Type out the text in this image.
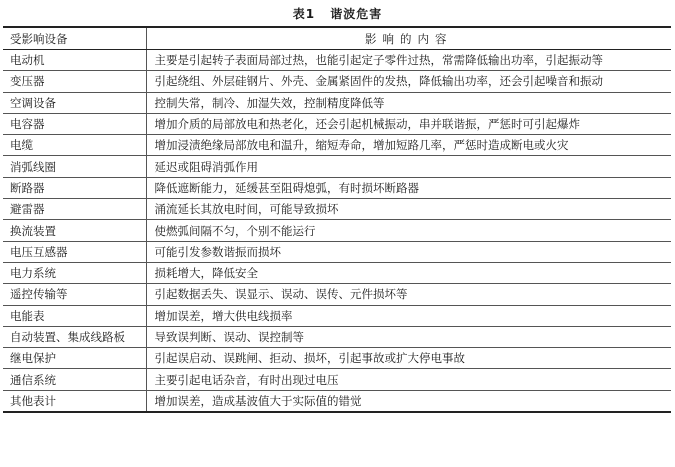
表1 谐波危害
受影响设备	影响的内容
电动机	主要是引起转子表面局部过热，也能引起定子零件过热，常需降低输出功率，引起振动等
变压器	引起绕组、外层硅钢片、外壳、金属紧固件的发热，降低输出功率，还会引起噪音和振动
空调设备	控制失常，制冷、加湿失效，控制精度降低等
电容器	增加介质的局部放电和热老化，还会引起机械振动，串并联谐振，严惩时可引起爆炸
电缆	增加浸渍绝缘局部放电和温升，缩短寿命，增加短路几率，严惩时造成断电或火灾
消弧线圈	延迟或阻碍消弧作用
断路器	降低遮断能力，延缓甚至阻碍熄弧，有时损坏断路器
避雷器	涌流延长其放电时间，可能导致损坏
换流装置	使燃弧间隔不匀，个别不能运行
电压互感器	可能引发参数谐振而损坏
电力系统	损耗增大，降低安全
遥控传输等	引起数据丢失、误显示、误动、误传、元件损坏等
电能表	增加误差，增大供电线损率
自动装置、集成线路板	导致误判断、误动、误控制等
继电保护	引起误启动、误跳闸、拒动、损坏，引起事故或扩大停电事故
通信系统	主要引起电话杂音，有时出现过电压
其他表计	增加误差，造成基波值大于实际值的错觉
